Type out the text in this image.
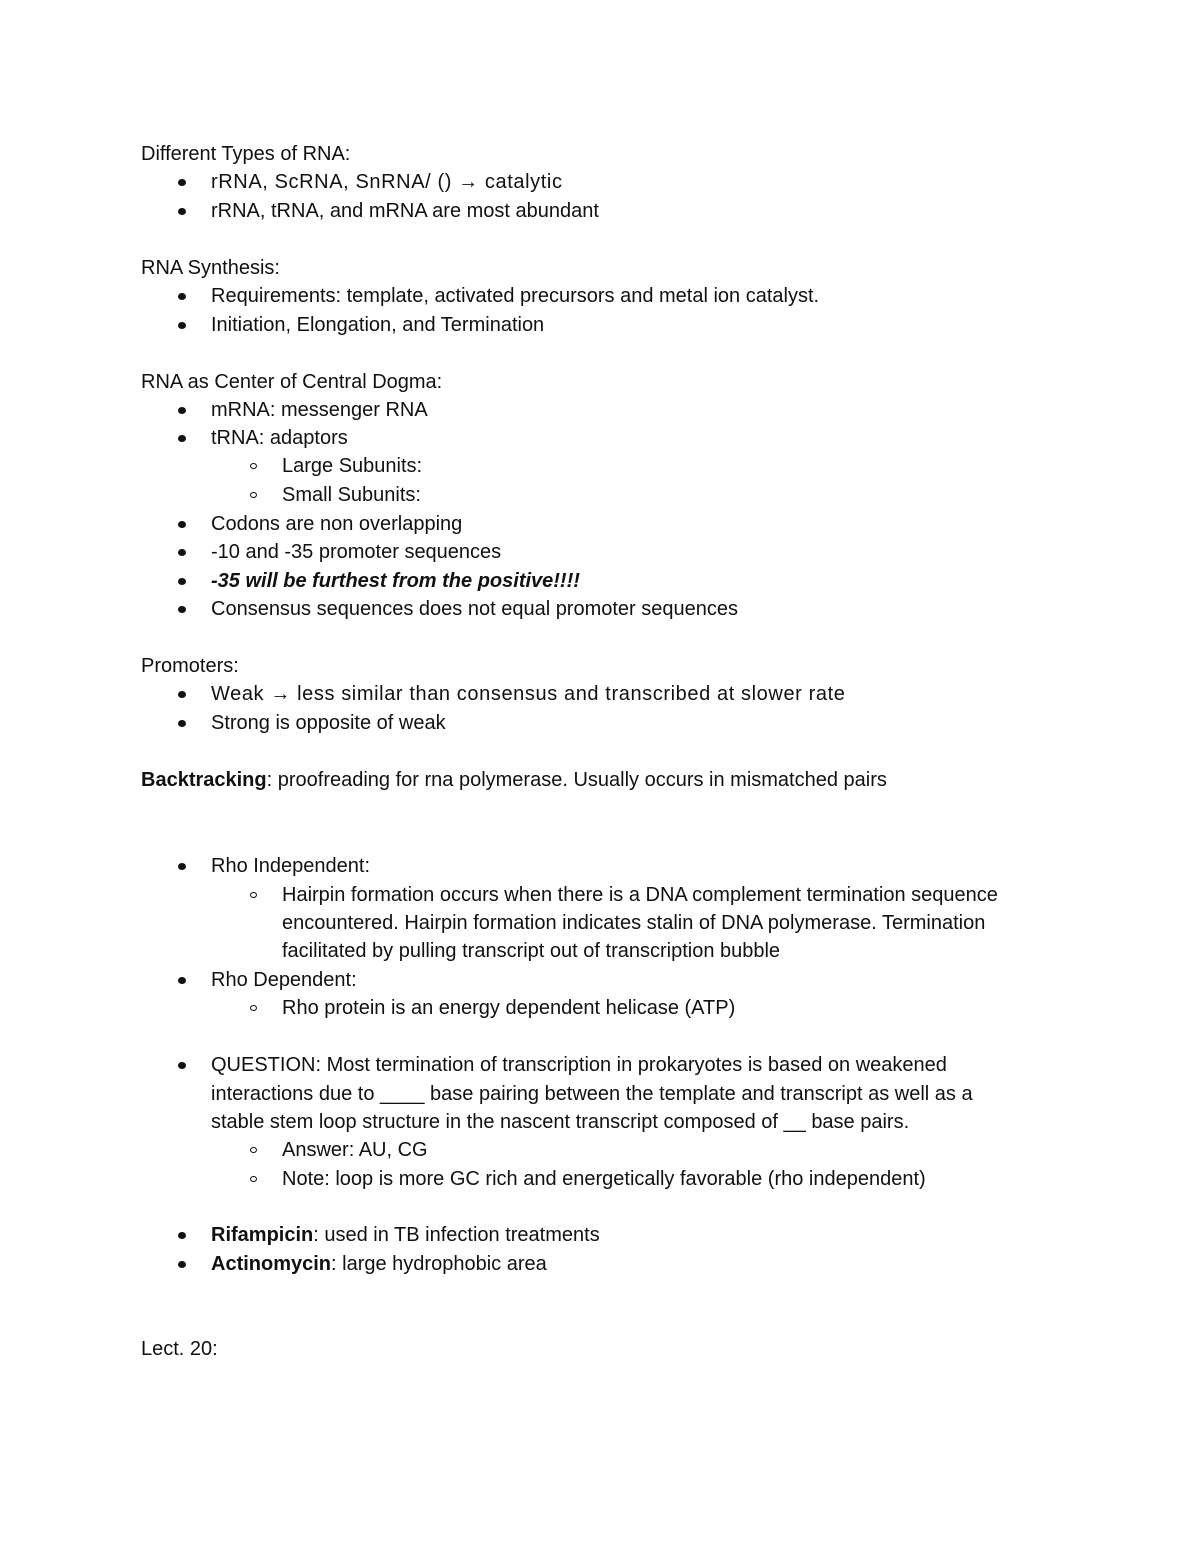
Different Types of RNA:
rRNA, ScRNA, SnRNA/ () → catalytic
rRNA, tRNA, and mRNA are most abundant
RNA Synthesis:
Requirements: template, activated precursors and metal ion catalyst.
Initiation, Elongation, and Termination
RNA as Center of Central Dogma:
mRNA: messenger RNA
tRNA: adaptors
Large Subunits:
Small Subunits:
Codons are non overlapping
-10 and -35 promoter sequences
-35 will be furthest from the positive!!!!
Consensus sequences does not equal promoter sequences
Promoters:
Weak → less similar than consensus and transcribed at slower rate
Strong is opposite of weak
Backtracking: proofreading for rna polymerase. Usually occurs in mismatched pairs
Rho Independent:
Hairpin formation occurs when there is a DNA complement termination sequence
encountered. Hairpin formation indicates stalin of DNA polymerase. Termination
facilitated by pulling transcript out of transcription bubble
Rho Dependent:
Rho protein is an energy dependent helicase (ATP)
QUESTION: Most termination of transcription in prokaryotes is based on weakened
interactions due to ____ base pairing between the template and transcript as well as a
stable stem loop structure in the nascent transcript composed of __ base pairs.
Answer: AU, CG
Note: loop is more GC rich and energetically favorable (rho independent)
Rifampicin: used in TB infection treatments
Actinomycin: large hydrophobic area
Lect. 20:
